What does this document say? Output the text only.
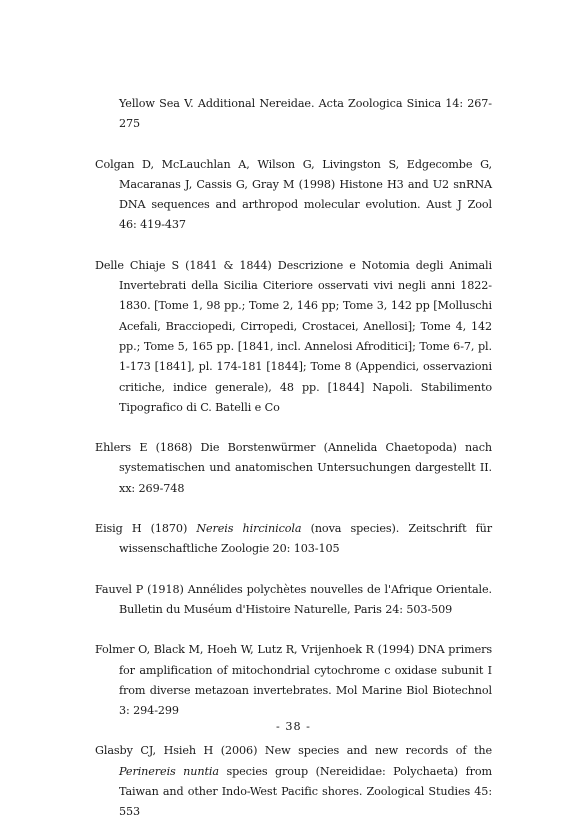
Yellow Sea V. Additional Nereidae. Acta Zoologica Sinica 14: 267-275

Colgan D, McLauchlan A, Wilson G, Livingston S, Edgecombe G, Macaranas J, Cassis G, Gray M (1998) Histone H3 and U2 snRNA DNA sequences and arthropod molecular evolution. Aust J Zool 46: 419-437

Delle Chiaje S (1841 & 1844) Descrizione e Notomia degli Animali Invertebrati della Sicilia Citeriore osservati vivi negli anni 1822-1830. [Tome 1, 98 pp.; Tome 2, 146 pp; Tome 3, 142 pp [Molluschi Acefali, Bracciopedi, Cirropedi, Crostacei, Anellosi]; Tome 4, 142 pp.; Tome 5, 165 pp. [1841, incl. Annelosi Afroditici]; Tome 6-7, pl. 1-173 [1841], pl. 174-181 [1844]; Tome 8 (Appendici, osservazioni critiche, indice generale), 48 pp. [1844] Napoli. Stabilimento Tipografico di C. Batelli e Co

Ehlers E (1868) Die Borstenwürmer (Annelida Chaetopoda) nach systematischen und anatomischen Untersuchungen dargestellt II. xx: 269-748

Eisig H (1870) Nereis hircinicola (nova species). Zeitschrift für wissenschaftliche Zoologie 20: 103-105

Fauvel P (1918) Annélides polychètes nouvelles de l'Afrique Orientale. Bulletin du Muséum d'Histoire Naturelle, Paris 24: 503-509

Folmer O, Black M, Hoeh W, Lutz R, Vrijenhoek R (1994) DNA primers for amplification of mitochondrial cytochrome c oxidase subunit I from diverse metazoan invertebrates. Mol Marine Biol Biotechnol 3: 294-299

Glasby CJ, Hsieh H (2006) New species and new records of the Perinereis nuntia species group (Nereididae: Polychaeta) from Taiwan and other Indo-West Pacific shores. Zoological Studies 45: 553

- 38 -
